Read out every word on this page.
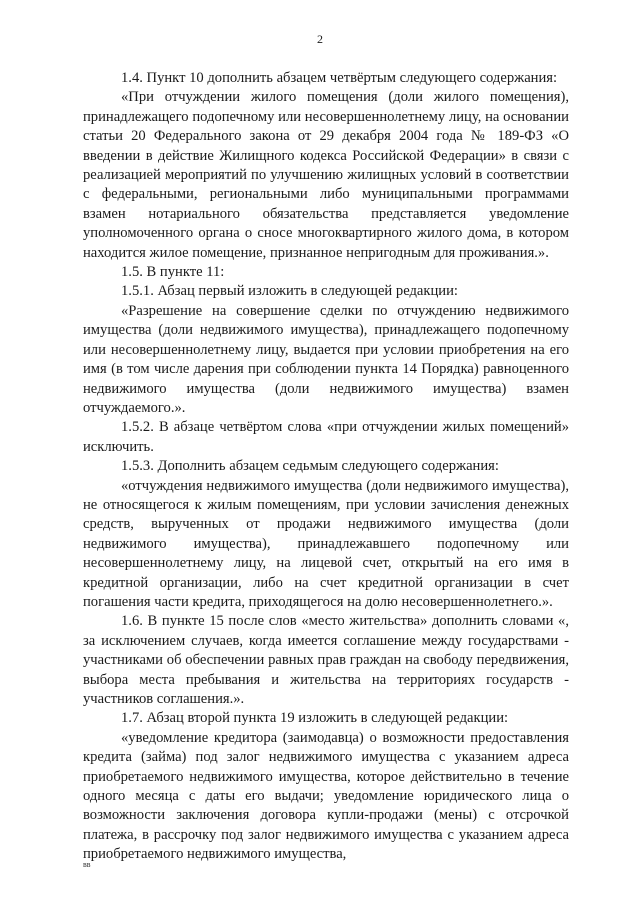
2

1.4. Пункт 10 дополнить абзацем четвёртым следующего содержания:

«При отчуждении жилого помещения (доли жилого помещения), принадлежащего подопечному или несовершеннолетнему лицу, на основании статьи 20 Федерального закона от 29 декабря 2004 года № 189-ФЗ «О введении в действие Жилищного кодекса Российской Федерации» в связи с реализацией мероприятий по улучшению жилищных условий в соответствии с федеральными, региональными либо муниципальными программами взамен нотариального обязательства представляется уведомление уполномоченного органа о сносе многоквартирного жилого дома, в котором находится жилое помещение, признанное непригодным для проживания.».

1.5. В пункте 11:

1.5.1. Абзац первый изложить в следующей редакции:

«Разрешение на совершение сделки по отчуждению недвижимого имущества (доли недвижимого имущества), принадлежащего подопечному или несовершеннолетнему лицу, выдается при условии приобретения на его имя (в том числе дарения при соблюдении пункта 14 Порядка) равноценного недвижимого имущества (доли недвижимого имущества) взамен отчуждаемого.».

1.5.2. В абзаце четвёртом слова «при отчуждении жилых помещений» исключить.

1.5.3. Дополнить абзацем седьмым следующего содержания:

«отчуждения недвижимого имущества (доли недвижимого имущества), не относящегося к жилым помещениям, при условии зачисления денежных средств, вырученных от продажи недвижимого имущества (доли недвижимого имущества), принадлежавшего подопечному или несовершеннолетнему лицу, на лицевой счет, открытый на его имя в кредитной организации, либо на счет кредитной организации в счет погашения части кредита, приходящегося на долю несовершеннолетнего.».

1.6. В пункте 15 после слов «место жительства» дополнить словами «, за исключением случаев, когда имеется соглашение между государствами - участниками об обеспечении равных прав граждан на свободу передвижения, выбора места пребывания и жительства на территориях государств - участников соглашения.».

1.7. Абзац второй пункта 19 изложить в следующей редакции:

«уведомление кредитора (заимодавца) о возможности предоставления кредита (займа) под залог недвижимого имущества с указанием адреса приобретаемого недвижимого имущества, которое действительно в течение одного месяца с даты его выдачи; уведомление юридического лица о возможности заключения договора купли-продажи (мены) с отсрочкой платежа, в рассрочку под залог недвижимого имущества с указанием адреса приобретаемого недвижимого имущества,

вв
